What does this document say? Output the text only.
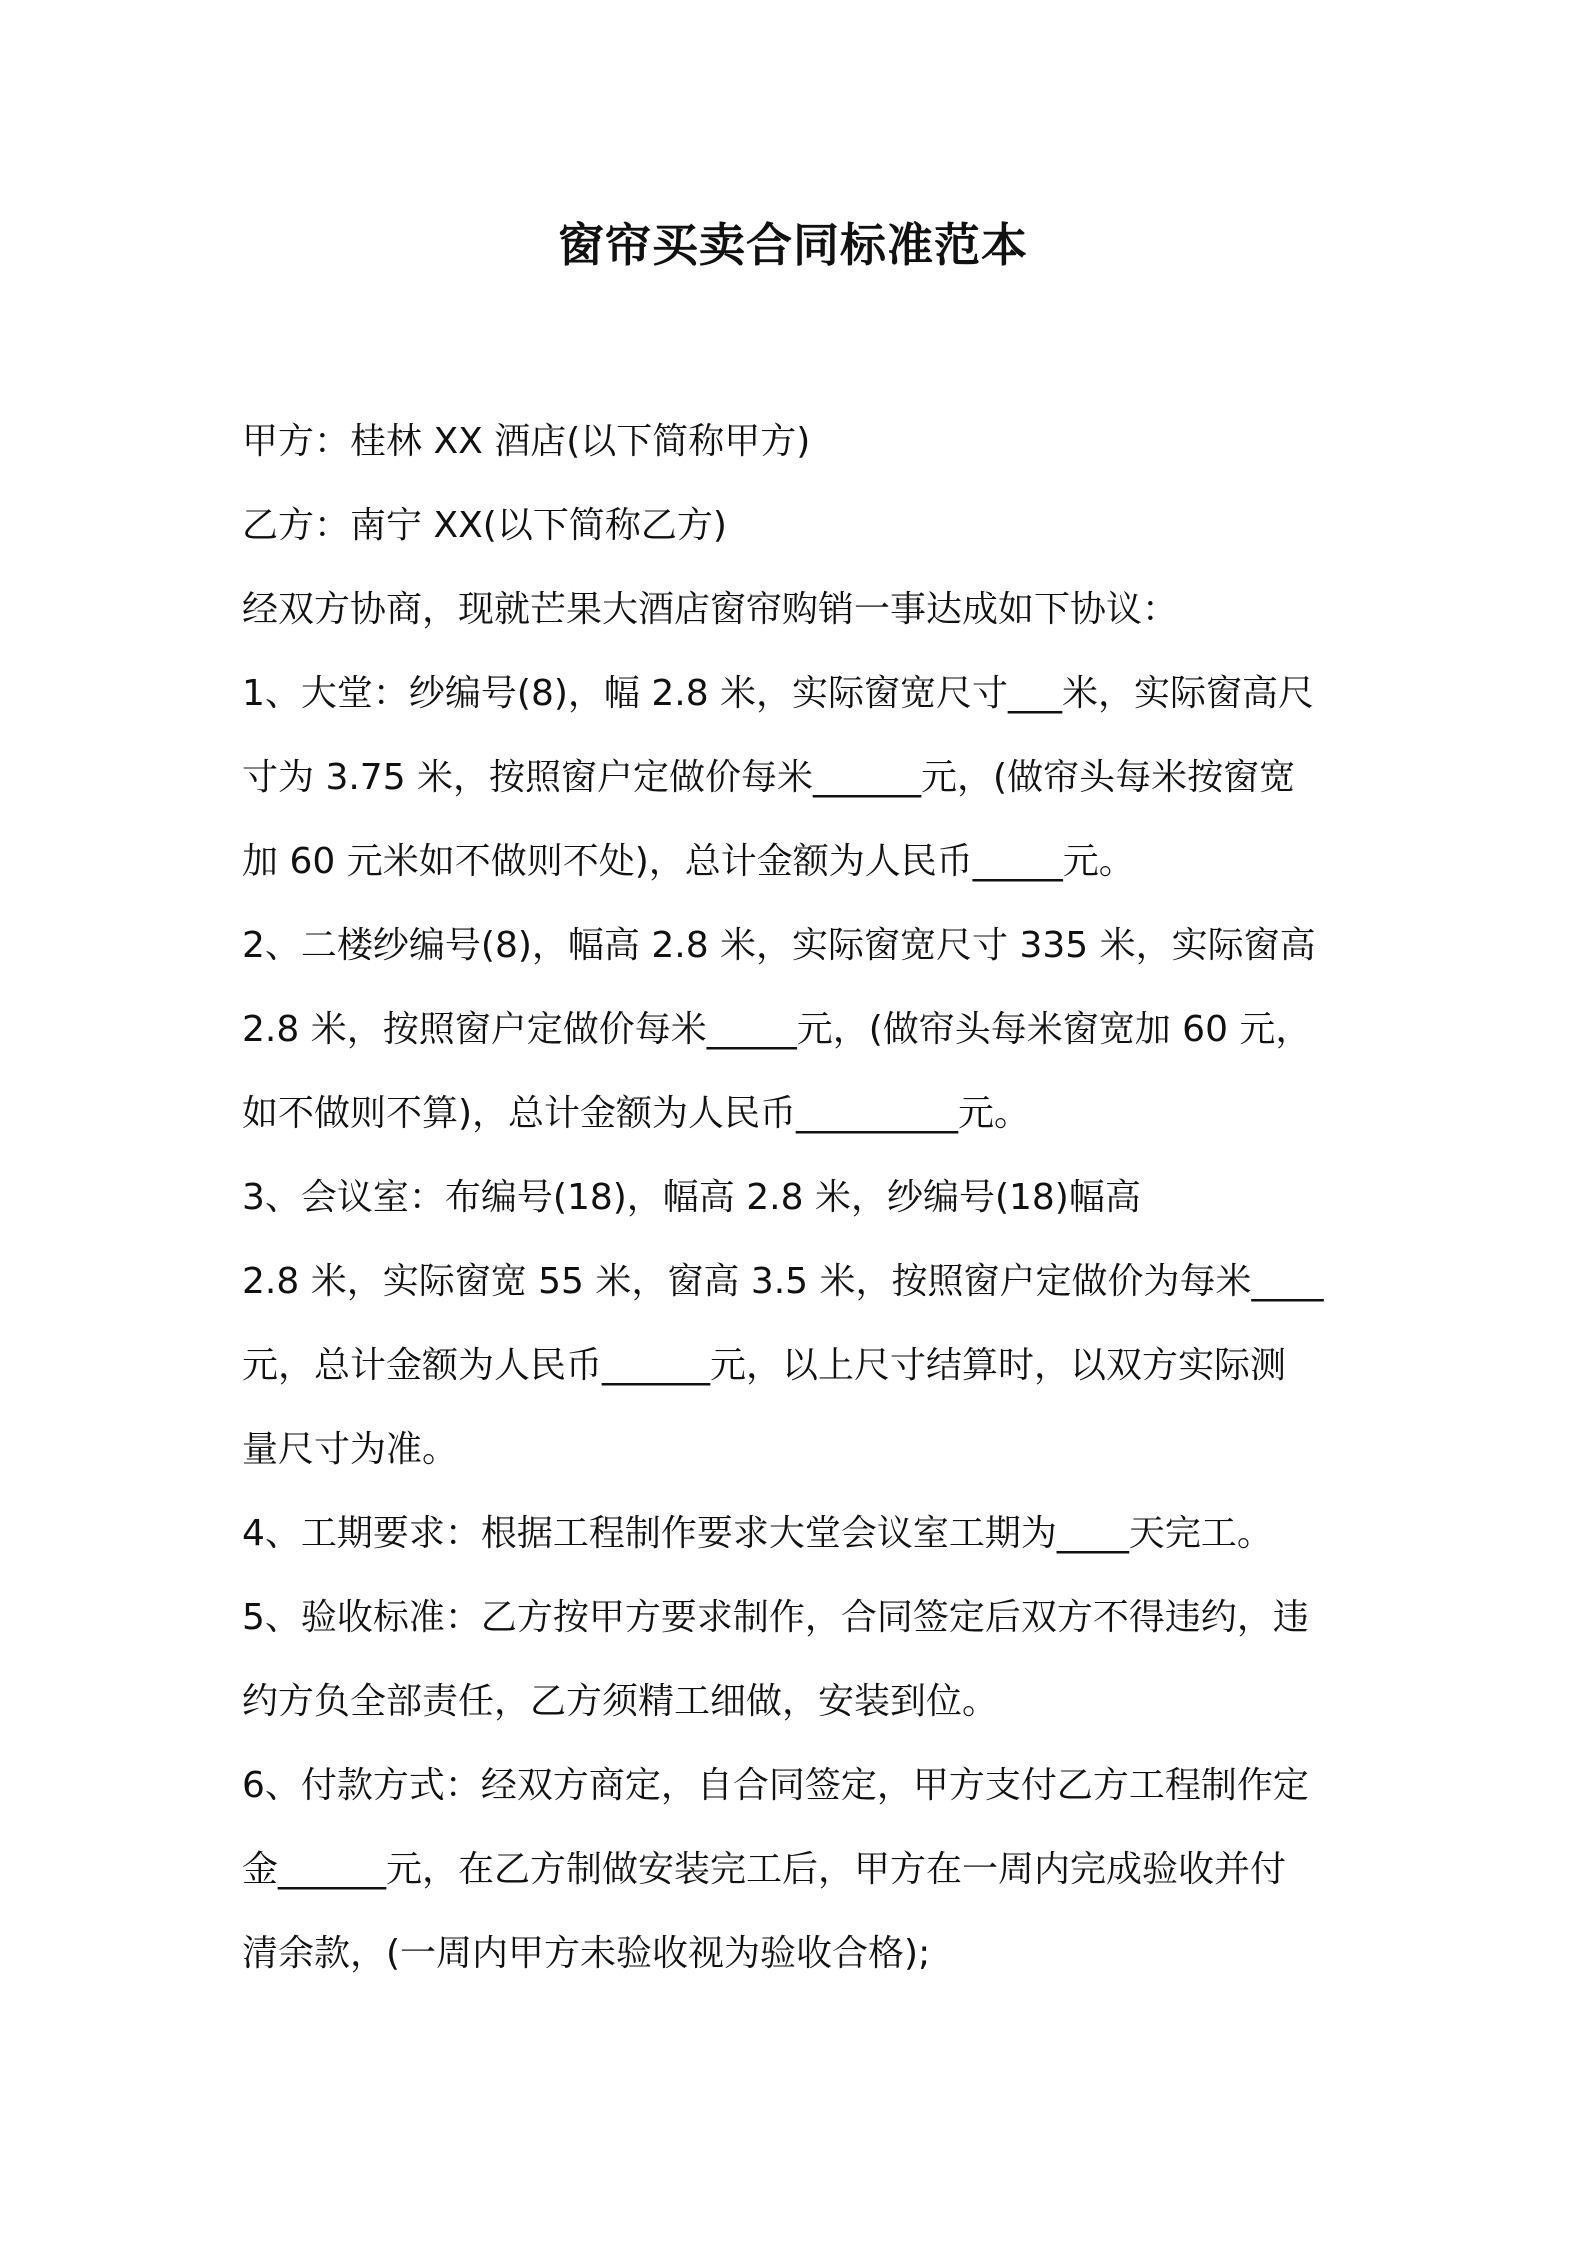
窗帘买卖合同标准范本

甲方：桂林 XX 酒店(以下简称甲方)

乙方：南宁 XX(以下简称乙方)

经双方协商，现就芒果大酒店窗帘购销一事达成如下协议：

1、大堂：纱编号(8)，幅 2.8 米，实际窗宽尺寸___米，实际窗高尺

寸为 3.75 米，按照窗户定做价每米______元，(做帘头每米按窗宽

加 60 元米如不做则不处)，总计金额为人民币_____元。

2、二楼纱编号(8)，幅高 2.8 米，实际窗宽尺寸 335 米，实际窗高

2.8 米，按照窗户定做价每米_____元，(做帘头每米窗宽加 60 元，

如不做则不算)，总计金额为人民币_________元。

3、会议室：布编号(18)，幅高 2.8 米，纱编号(18)幅高

2.8 米，实际窗宽 55 米，窗高 3.5 米，按照窗户定做价为每米____

元，总计金额为人民币______元，以上尺寸结算时，以双方实际测

量尺寸为准。

4、工期要求：根据工程制作要求大堂会议室工期为____天完工。

5、验收标准：乙方按甲方要求制作，合同签定后双方不得违约，违

约方负全部责任，乙方须精工细做，安装到位。

6、付款方式：经双方商定，自合同签定，甲方支付乙方工程制作定

金______元，在乙方制做安装完工后，甲方在一周内完成验收并付

清余款，(一周内甲方未验收视为验收合格);
